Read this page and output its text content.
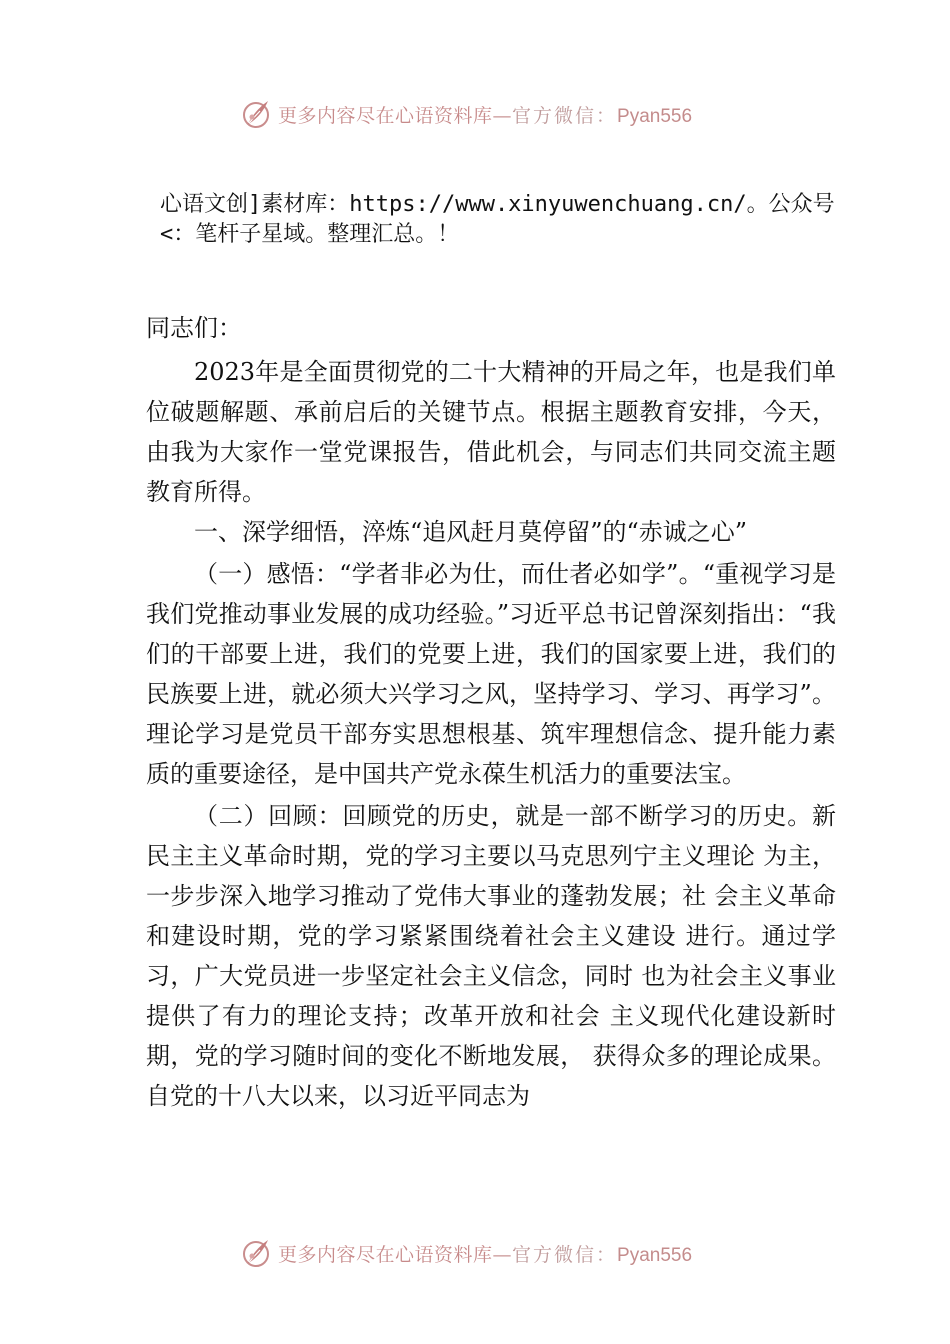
更多内容尽在心语资料库—官方微信：Pyan556
心语文创]素材库：https://www.xinyuwenchuang.cn/。公众号<：笔杆子星域。整理汇总。！

同志们：

2023年是全面贯彻党的二十大精神的开局之年，也是我们单位破题解题、承前启后的关键节点。根据主题教育安排，今天，由我为大家作一堂党课报告，借此机会，与同志们共同交流主题教育所得。

一、深学细悟，淬炼“追风赶月莫停留”的“赤诚之心”

（一）感悟：“学者非必为仕，而仕者必如学”。“重视学习是我们党推动事业发展的成功经验。”习近平总书记曾深刻指出：“我们的干部要上进，我们的党要上进，我们的国家要上进，我们的民族要上进，就必须大兴学习之风，坚持学习、学习、再学习”。理论学习是党员干部夯实思想根基、筑牢理想信念、提升能力素质的重要途径，是中国共产党永葆生机活力的重要法宝。

（二）回顾：回顾党的历史，就是一部不断学习的历史。新民主主义革命时期，党的学习主要以马克思列宁主义理论 为主，一步步深入地学习推动了党伟大事业的蓬勃发展；社 会主义革命和建设时期，党的学习紧紧围绕着社会主义建设 进行。通过学习，广大党员进一步坚定社会主义信念，同时 也为社会主义事业提供了有力的理论支持；改革开放和社会 主义现代化建设新时期，党的学习随时间的变化不断地发展， 获得众多的理论成果。自党的十八大以来，以习近平同志为

更多内容尽在心语资料库—官方微信：Pyan556
